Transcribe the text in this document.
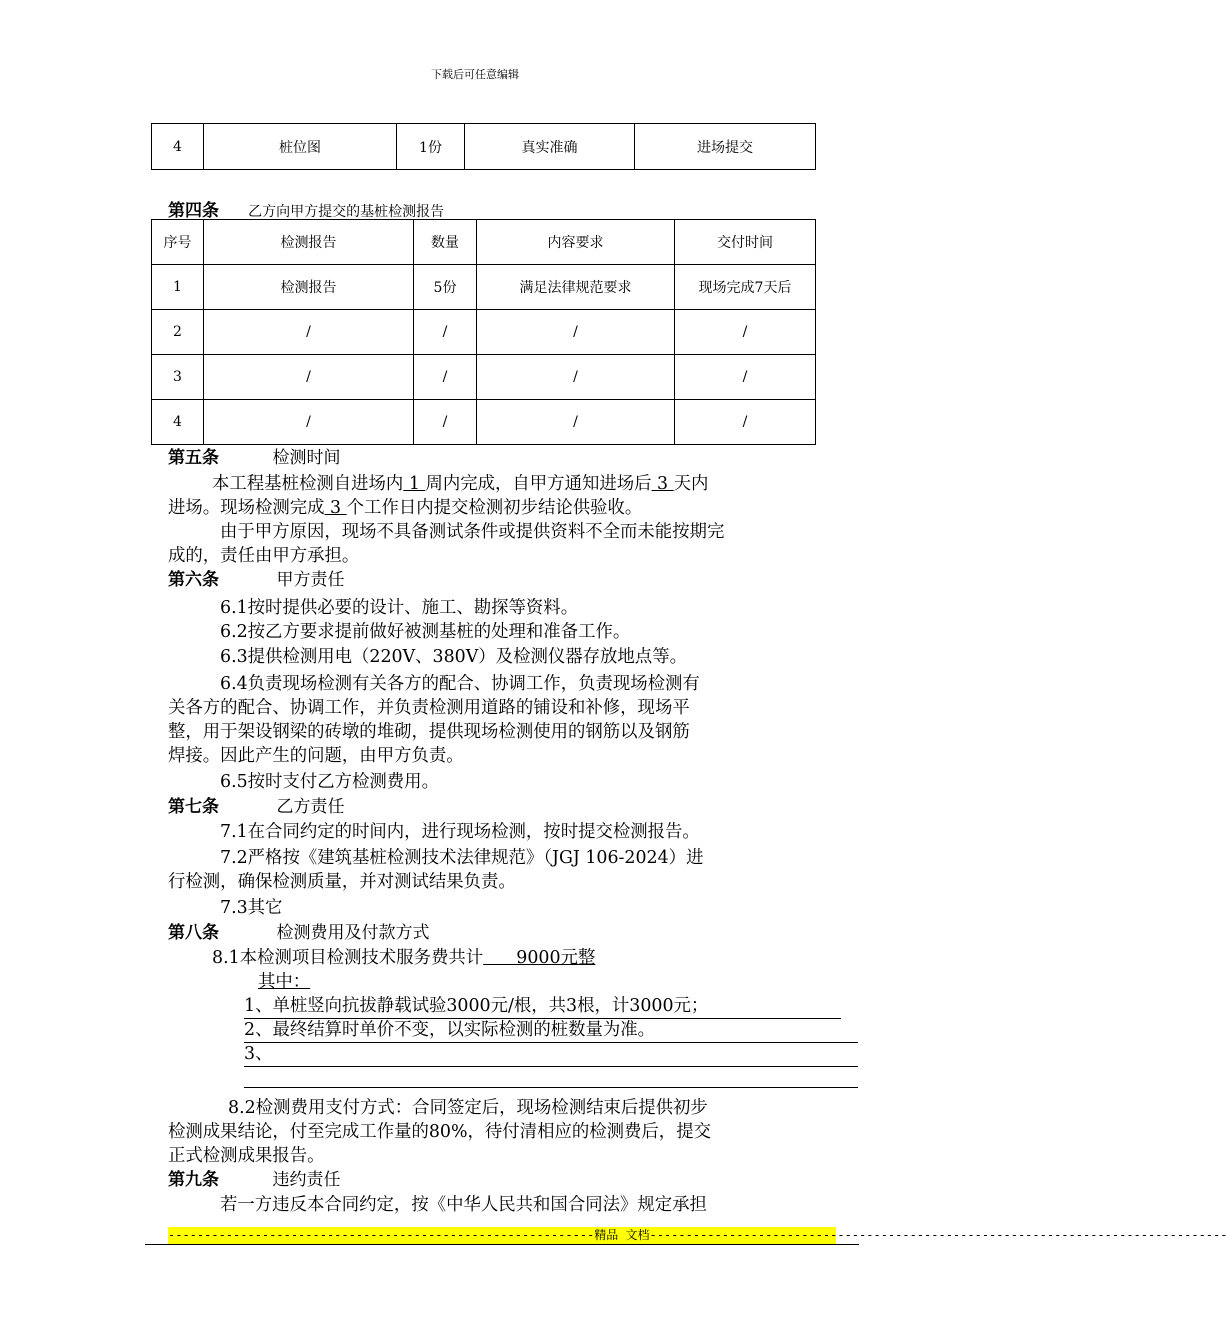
下载后可任意编辑
4	桩位图	1份	真实准确	进场提交
第四条 乙方向甲方提交的基桩检测报告
序号	检测报告	数量	内容要求	交付时间
1	检测报告	5份	满足法律规范要求	现场完成7天后
2	/	/	/	/
3	/	/	/	/
4	/	/	/	/
第五条	检测时间
本工程基桩检测自进场内 1 周内完成，自甲方通知进场后 3 天内
进场。现场检测完成 3 个工作日内提交检测初步结论供验收。
由于甲方原因，现场不具备测试条件或提供资料不全而未能按期完
成的，责任由甲方承担。
第六条	甲方责任
6.1按时提供必要的设计、施工、勘探等资料。
6.2按乙方要求提前做好被测基桩的处理和准备工作。
6.3提供检测用电（220V、380V）及检测仪器存放地点等。
6.4负责现场检测有关各方的配合、协调工作，负责现场检测有
关各方的配合、协调工作，并负责检测用道路的铺设和补修，现场平
整，用于架设钢梁的砖墩的堆砌，提供现场检测使用的钢筋以及钢筋
焊接。因此产生的问题，由甲方负责。
6.5按时支付乙方检测费用。
第七条	乙方责任
7.1在合同约定的时间内，进行现场检测，按时提交检测报告。
7.2严格按《建筑基桩检测技术法律规范》（JGJ 106-2024）进
行检测，确保检测质量，并对测试结果负责。
7.3其它
第八条	检测费用及付款方式
8.1本检测项目检测技术服务费共计      9000元整
其中：
1、单桩竖向抗拔静载试验3000元/根，共3根，计3000元；
2、最终结算时单价不变，以实际检测的桩数量为准。
3、
8.2检测费用支付方式：合同签定后，现场检测结束后提供初步
检测成果结论，付至完成工作量的80%，待付清相应的检测费后，提交
正式检测成果报告。
第九条	违约责任
若一方违反本合同约定，按《中华人民共和国合同法》规定承担
-----------------------------------------------------------精品 文档--------------------------------------------------------------------------------
